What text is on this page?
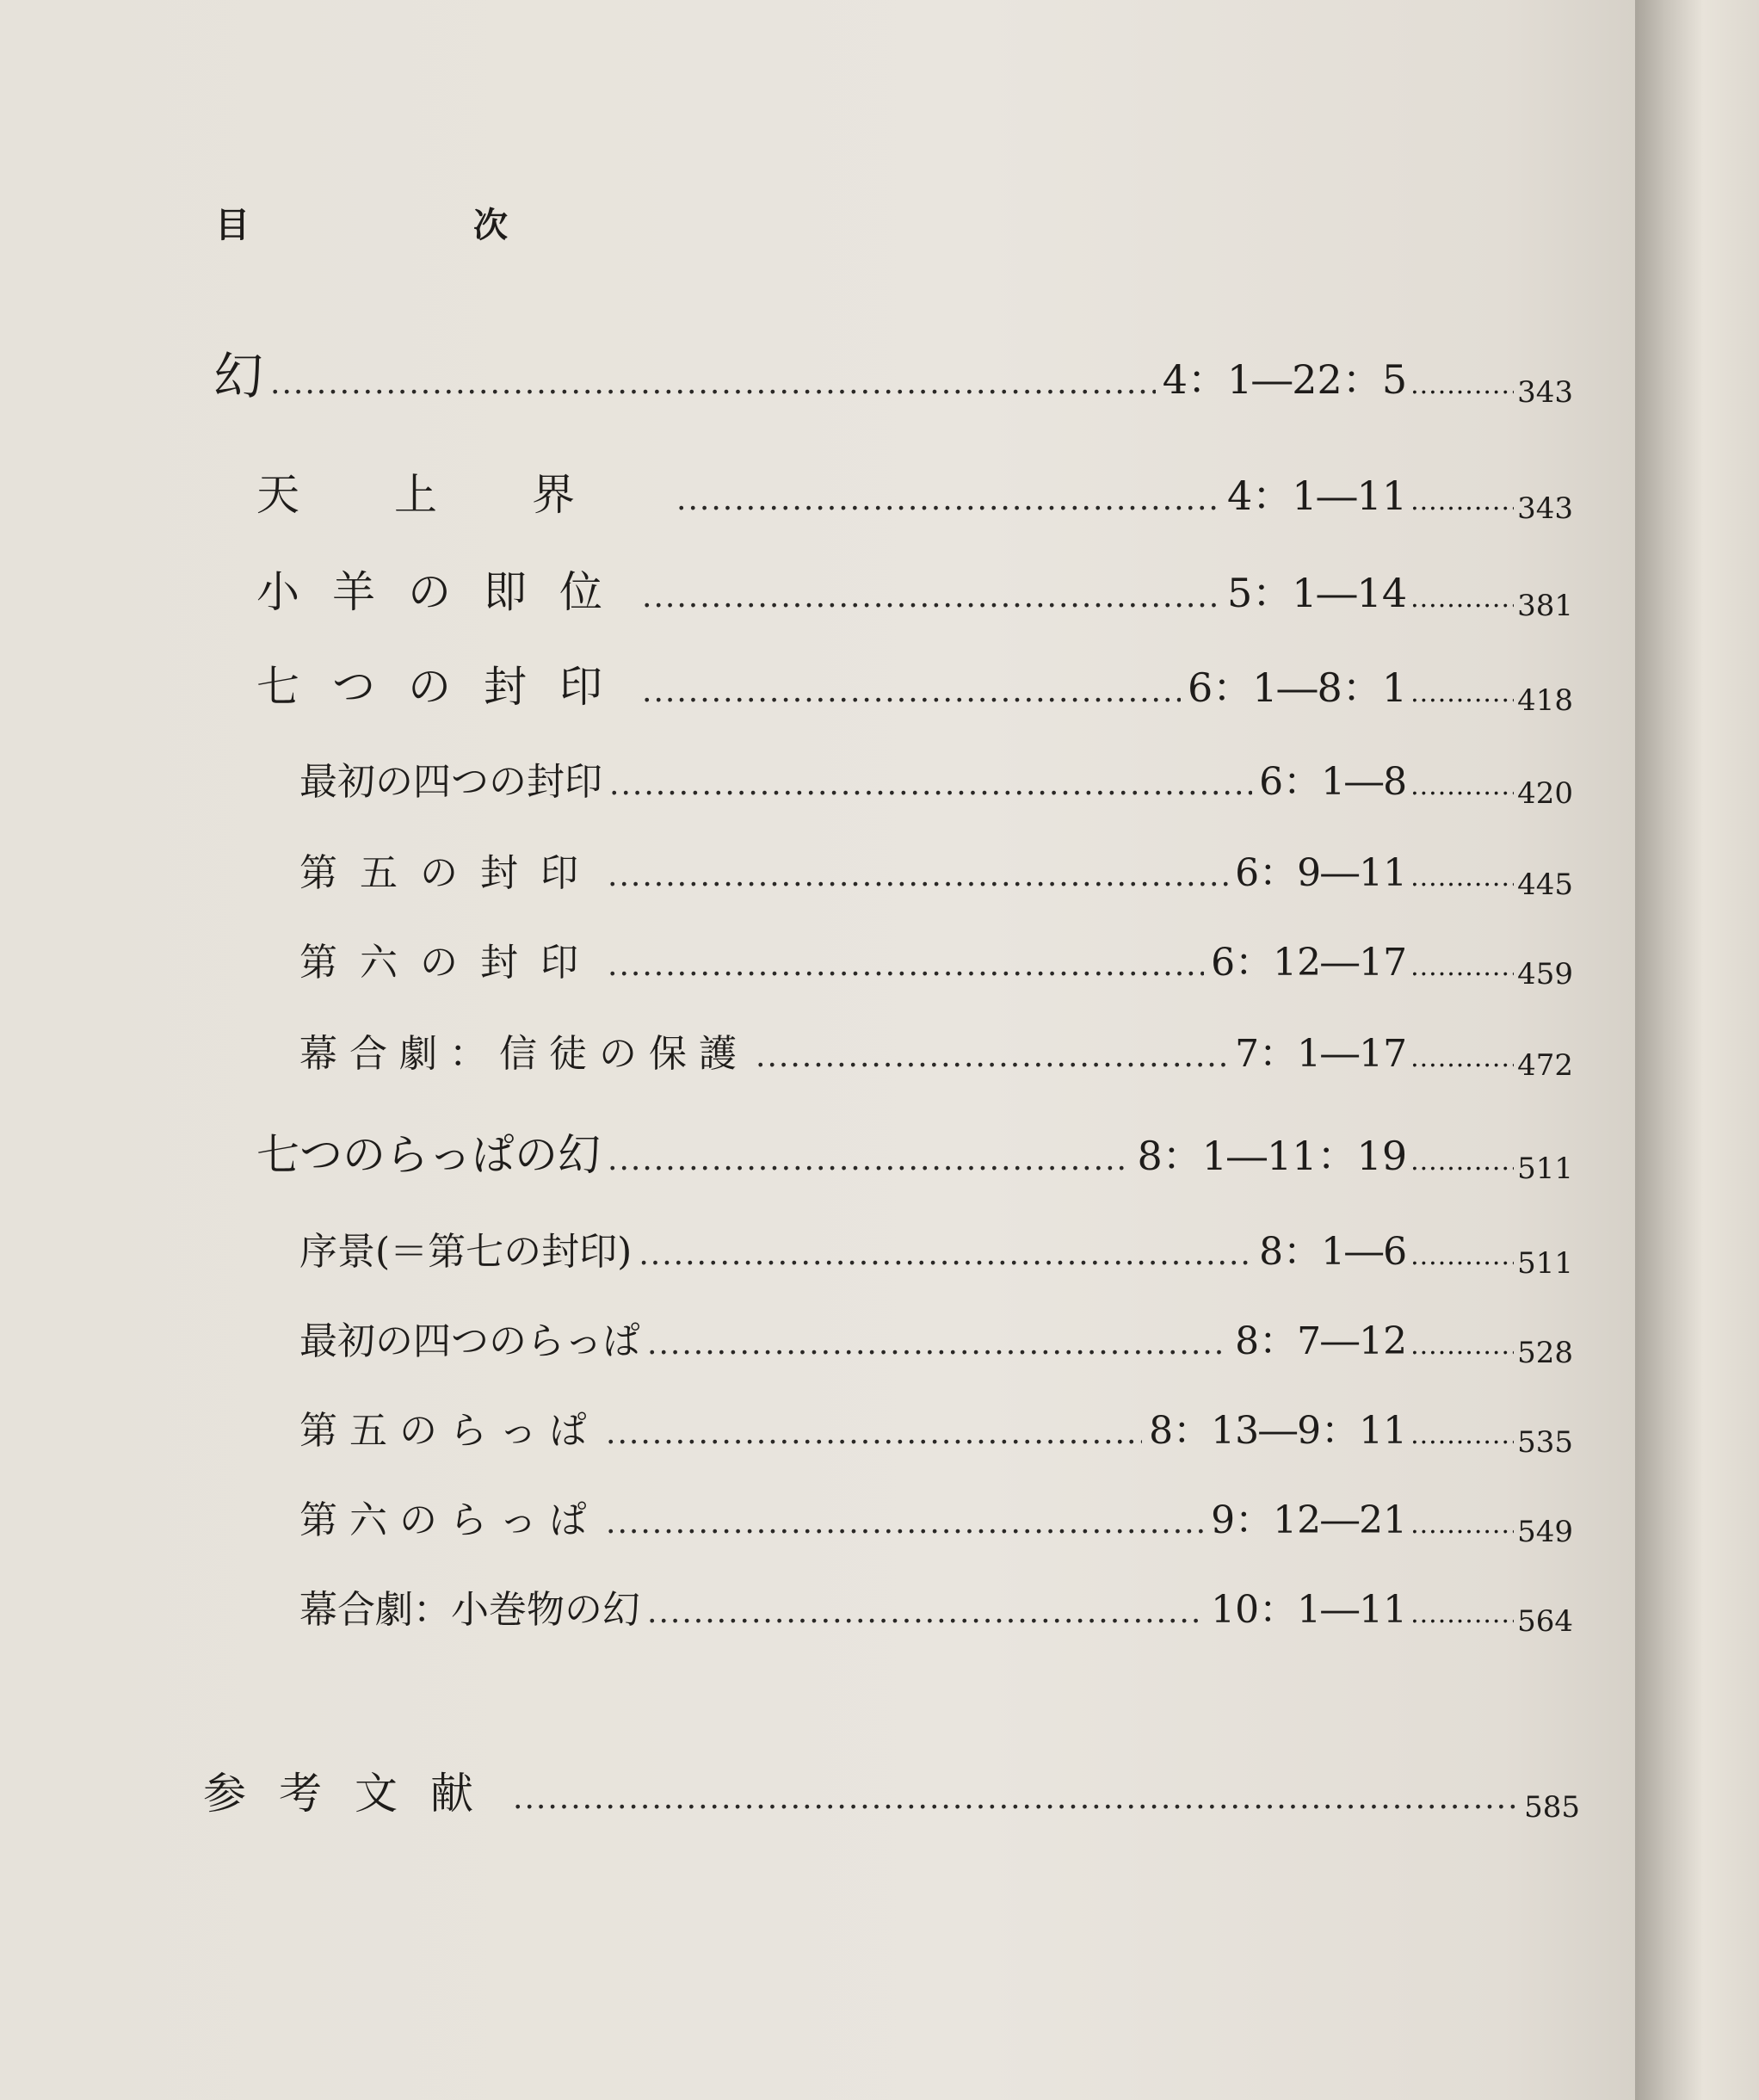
目　次
幻 .....	4：1―22：5 .....	343
天上界 .....	4：1―11 .....	343
小羊の即位 .....	5：1―14 .....	381
七つの封印 .....	6：1―8：1 .....	418
最初の四つの封印 .....	6：1―8 .....	420
第五の封印 .....	6：9―11 .....	445
第六の封印 .....	6：12―17 .....	459
幕合劇：信徒の保護 .....	7：1―17 .....	472
七つのらっぱの幻 .....	8：1―11：19 .....	511
序景(＝第七の封印) .....	8：1―6 .....	511
最初の四つのらっぱ .....	8：7―12 .....	528
第五のらっぱ .....	8：13―9：11 .....	535
第六のらっぱ .....	9：12―21 .....	549
幕合劇：小巻物の幻 .....	10：1―11 .....	564
参考文献 .....	585
